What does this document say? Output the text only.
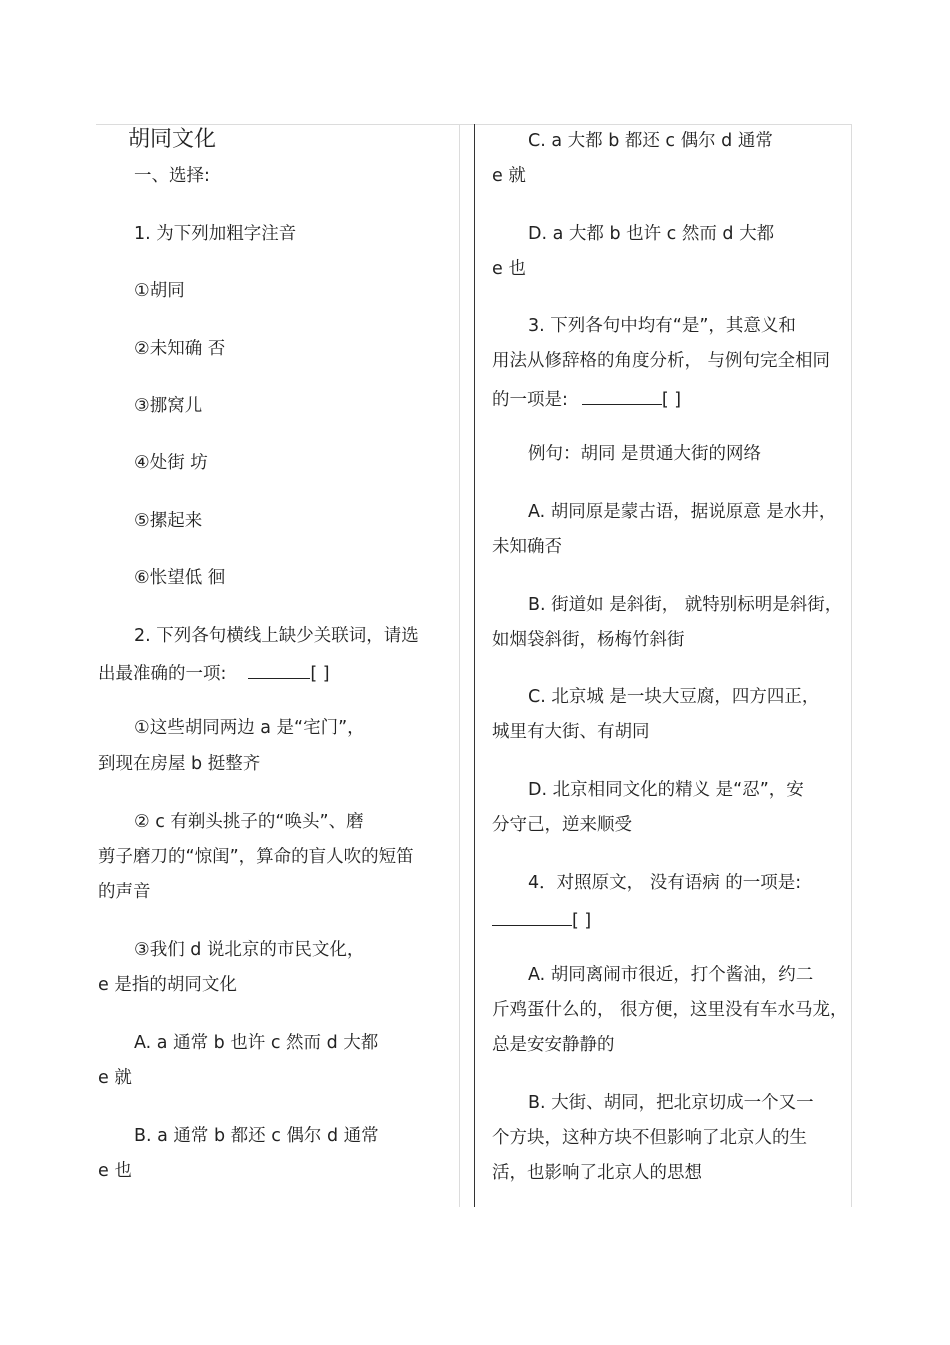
胡同文化
一、选择:
1. 为下列加粗字注音
①胡同
②未知确 否
③挪窝儿
④处街 坊
⑤摞起来
⑥怅望低 徊
2. 下列各句横线上缺少关联词，请选
出最准确的一项:	[ ]
①这些胡同两边 a 是“宅门”，
到现在房屋 b 挺整齐
② c 有剃头挑子的“唤头”、磨
剪子磨刀的“惊闺”，算命的盲人吹的短笛
的声音
③我们 d 说北京的市民文化，
e 是指的胡同文化
A. a 通常 b 也许 c 然而 d 大都
e 就
B. a 通常 b 都还 c 偶尔 d 通常
e 也
C. a 大都 b 都还 c 偶尔 d 通常
e 就
D. a 大都 b 也许 c 然而 d 大都
e 也
3. 下列各句中均有“是”，其意义和
用法从修辞格的角度分析， 与例句完全相同
的一项是:	[ ]
例句：胡同 是贯通大街的网络
A. 胡同原是蒙古语，据说原意 是水井，
未知确否
B. 街道如 是斜街， 就特别标明是斜街，
如烟袋斜街，杨梅竹斜街
C. 北京城 是一块大豆腐，四方四正，
城里有大街、有胡同
D. 北京相同文化的精义 是“忍”，安
分守己，逆来顺受
4．对照原文， 没有语病 的一项是:
[ ]
A. 胡同离闹市很近，打个酱油，约二
斤鸡蛋什么的， 很方便，这里没有车水马龙，
总是安安静静的
B. 大街、胡同，把北京切成一个又一
个方块，这种方块不但影响了北京人的生
活，也影响了北京人的思想
